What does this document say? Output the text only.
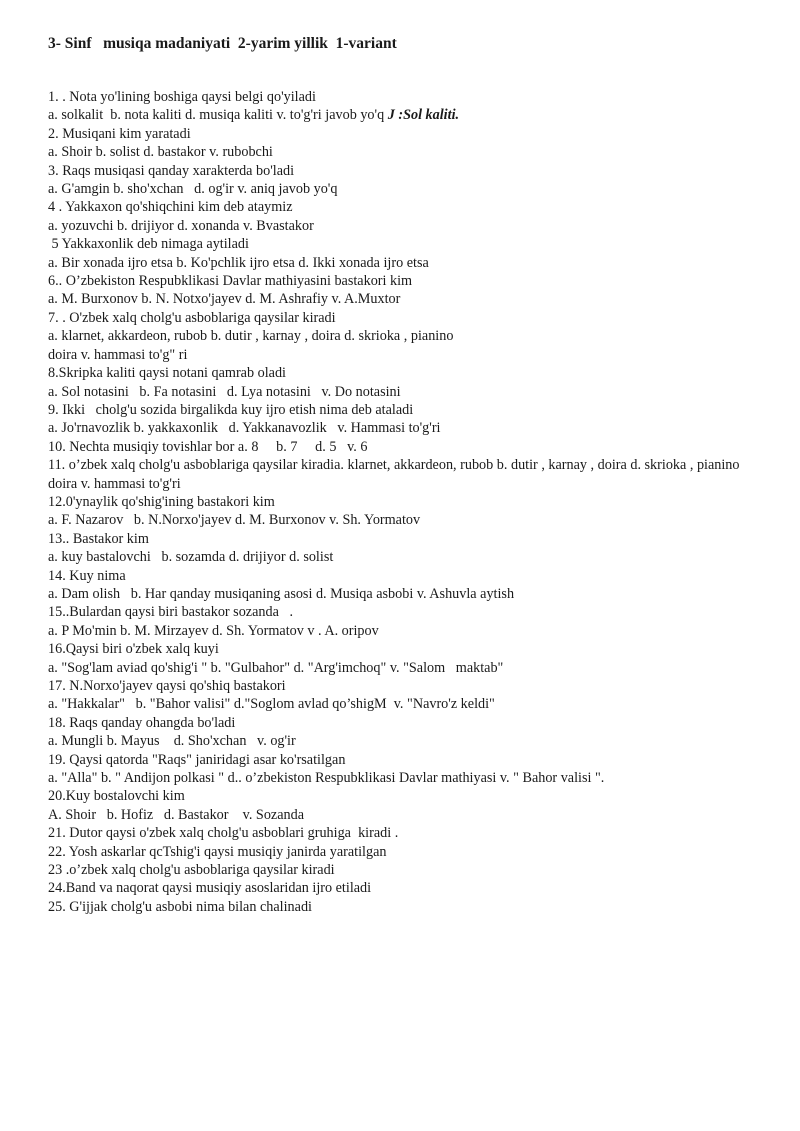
3- Sinf   musiqa madaniyati  2-yarim yillik  1-variant
1. . Nota yo'lining boshiga qaysi belgi qo'yiladi
a. solkalit  b. nota kaliti d. musiqa kaliti v. to'g'ri javob yo'q J :Sol kaliti.
2. Musiqani kim yaratadi
a. Shoir b. solist d. bastakor v. rubobchi
3. Raqs musiqasi qanday xarakterda bo'ladi
a. G'amgin b. sho'xchan   d. og'ir v. aniq javob yo'q
4 . Yakkaxon qo'shiqchini kim deb ataymiz
a. yozuvchi b. drijiyor d. xonanda v. Bvastakor
5 Yakkaxonlik deb nimaga aytiladi
a. Bir xonada ijro etsa b. Ko'pchlik ijro etsa d. Ikki xonada ijro etsa
6.. O’zbekiston Respubklikasi Davlar mathiyasini bastakori kim
a. M. Burxonov b. N. Notxo'jayev d. M. Ashrafiy v. A.Muxtor
7. . O'zbek xalq cholg'u asboblariga qaysilar kiradi
a. klarnet, akkardeon, rubob b. dutir , karnay , doira d. skrioka , pianino
doira v. hammasi to'g" ri
8.Skripka kaliti qaysi notani qamrab oladi
a. Sol notasini   b. Fa notasini   d. Lya notasini   v. Do notasini
9. Ikki   cholg'u sozida birgalikda kuy ijro etish nima deb ataladi
a. Jo'rnavozlik b. yakkaxonlik   d. Yakkanavozlik   v. Hammasi to'g'ri
10. Nechta musiqiy tovishlar bor a. 8     b. 7     d. 5   v. 6
11. o’zbek xalq cholg'u asboblariga qaysilar kiradia. klarnet, akkardeon, rubob b. dutir , karnay , doira d. skrioka , pianino doira v. hammasi to'g'ri
12.0'ynaylik qo'shig'ining bastakori kim
a. F. Nazarov   b. N.Norxo'jayev d. M. Burxonov v. Sh. Yormatov
13.. Bastakor kim
a. kuy bastalovchi   b. sozamda d. drijiyor d. solist
14. Kuy nima
a. Dam olish   b. Har qanday musiqaning asosi d. Musiqa asbobi v. Ashuvla aytish
15..Bulardan qaysi biri bastakor sozanda   .
a. P Mo'min b. M. Mirzayev d. Sh. Yormatov v . A. oripov
16.Qaysi biri o'zbek xalq kuyi
a. "Sog'lam aviad qo'shig'i " b. "Gulbahor" d. "Arg'imchoq" v. "Salom   maktab"
17. N.Norxo'jayev qaysi qo'shiq bastakori
a. "Hakkalar"   b. "Bahor valisi" d."Soglom avlad qo’shigM  v. "Navro'z keldi"
18. Raqs qanday ohangda bo'ladi
a. Mungli b. Mayus    d. Sho'xchan   v. og'ir
19. Qaysi qatorda "Raqs" janiridagi asar ko'rsatilgan
a. "Alla" b. " Andijon polkasi " d.. o’zbekiston Respubklikasi Davlar mathiyasi v. " Bahor valisi ".
20.Kuy bostalovchi kim
A. Shoir   b. Hofiz   d. Bastakor    v. Sozanda
21. Dutor qaysi o'zbek xalq cholg'u asboblari gruhiga  kiradi .
22. Yosh askarlar qcTshig'i qaysi musiqiy janirda yaratilgan
23 .o’zbek xalq cholg'u asboblariga qaysilar kiradi
24.Band va naqorat qaysi musiqiy asoslaridan ijro etiladi
25. G'ijjak cholg'u asbobi nima bilan chalinadi
